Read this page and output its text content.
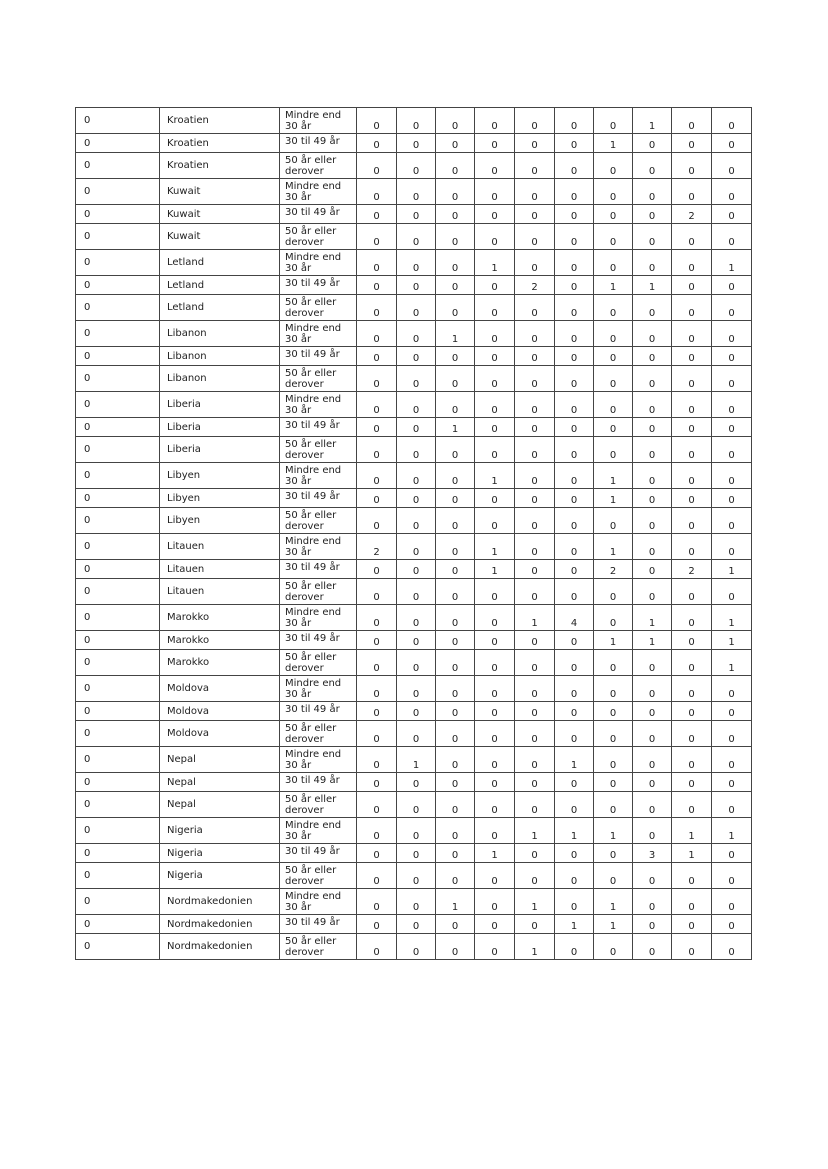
0	Kroatien	Mindre end 30 år	0	0	0	0	0	0	0	1	0	0
0	Kroatien	30 til 49 år	0	0	0	0	0	0	1	0	0	0
0	Kroatien	50 år eller derover	0	0	0	0	0	0	0	0	0	0
0	Kuwait	Mindre end 30 år	0	0	0	0	0	0	0	0	0	0
0	Kuwait	30 til 49 år	0	0	0	0	0	0	0	0	2	0
0	Kuwait	50 år eller derover	0	0	0	0	0	0	0	0	0	0
0	Letland	Mindre end 30 år	0	0	0	1	0	0	0	0	0	1
0	Letland	30 til 49 år	0	0	0	0	2	0	1	1	0	0
0	Letland	50 år eller derover	0	0	0	0	0	0	0	0	0	0
0	Libanon	Mindre end 30 år	0	0	1	0	0	0	0	0	0	0
0	Libanon	30 til 49 år	0	0	0	0	0	0	0	0	0	0
0	Libanon	50 år eller derover	0	0	0	0	0	0	0	0	0	0
0	Liberia	Mindre end 30 år	0	0	0	0	0	0	0	0	0	0
0	Liberia	30 til 49 år	0	0	1	0	0	0	0	0	0	0
0	Liberia	50 år eller derover	0	0	0	0	0	0	0	0	0	0
0	Libyen	Mindre end 30 år	0	0	0	1	0	0	1	0	0	0
0	Libyen	30 til 49 år	0	0	0	0	0	0	1	0	0	0
0	Libyen	50 år eller derover	0	0	0	0	0	0	0	0	0	0
0	Litauen	Mindre end 30 år	2	0	0	1	0	0	1	0	0	0
0	Litauen	30 til 49 år	0	0	0	1	0	0	2	0	2	1
0	Litauen	50 år eller derover	0	0	0	0	0	0	0	0	0	0
0	Marokko	Mindre end 30 år	0	0	0	0	1	4	0	1	0	1
0	Marokko	30 til 49 år	0	0	0	0	0	0	1	1	0	1
0	Marokko	50 år eller derover	0	0	0	0	0	0	0	0	0	1
0	Moldova	Mindre end 30 år	0	0	0	0	0	0	0	0	0	0
0	Moldova	30 til 49 år	0	0	0	0	0	0	0	0	0	0
0	Moldova	50 år eller derover	0	0	0	0	0	0	0	0	0	0
0	Nepal	Mindre end 30 år	0	1	0	0	0	1	0	0	0	0
0	Nepal	30 til 49 år	0	0	0	0	0	0	0	0	0	0
0	Nepal	50 år eller derover	0	0	0	0	0	0	0	0	0	0
0	Nigeria	Mindre end 30 år	0	0	0	0	1	1	1	0	1	1
0	Nigeria	30 til 49 år	0	0	0	1	0	0	0	3	1	0
0	Nigeria	50 år eller derover	0	0	0	0	0	0	0	0	0	0
0	Nordmakedonien	Mindre end 30 år	0	0	1	0	1	0	1	0	0	0
0	Nordmakedonien	30 til 49 år	0	0	0	0	0	1	1	0	0	0
0	Nordmakedonien	50 år eller derover	0	0	0	0	1	0	0	0	0	0
